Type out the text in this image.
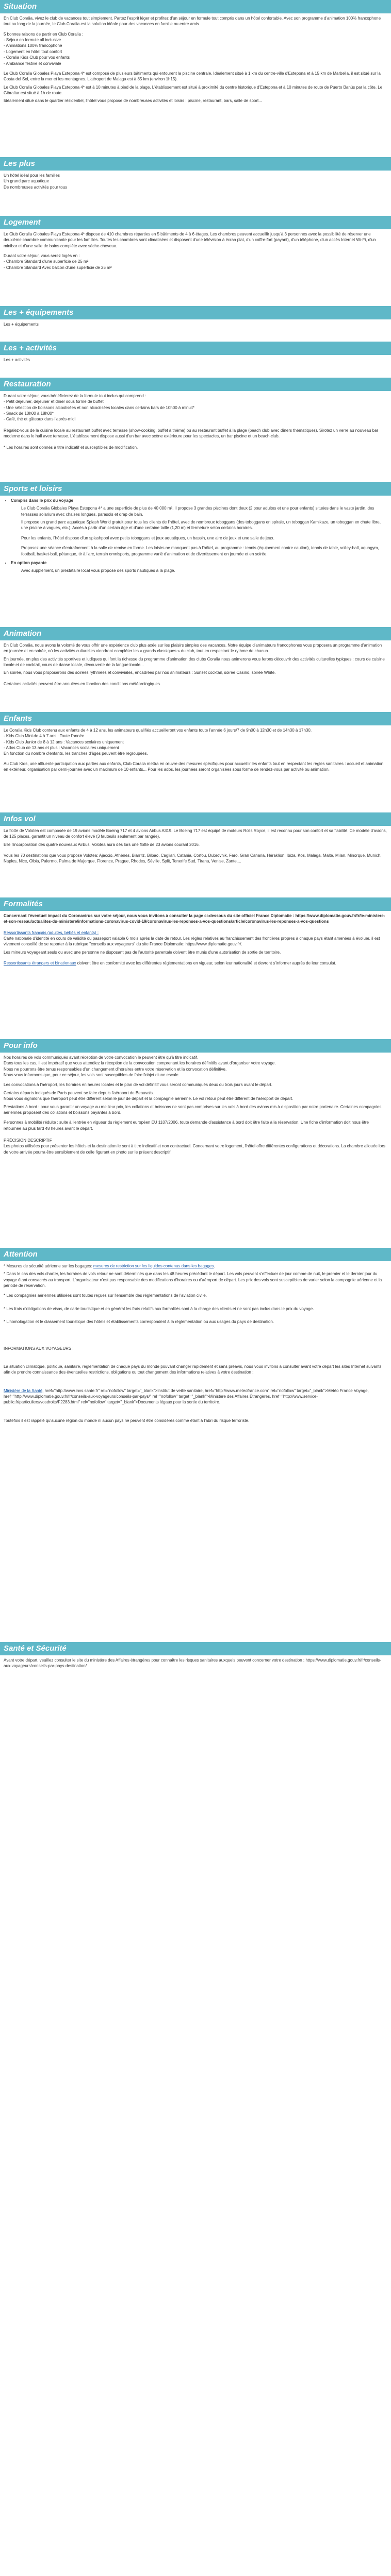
Situation

En Club Coralia, vivez le club de vacances tout simplement. Partez l'esprit léger et profitez d'un séjour en formule tout compris dans un hôtel confortable. Avec son programme d'animation 100% francophone tout au long de la journée, le Club Coralia est la solution idéale pour des vacances en famille ou entre amis.

5 bonnes raisons de partir en Club Coralia :

- Séjour en formule all inclusive
- Animations 100% francophone
- Logement en hôtel tout confort
- Coralia Kids Club pour vos enfants
- Ambiance festive et conviviale

Le Club Coralia Globales Playa Estepona 4* est composé de plusieurs bâtiments qui entourent la piscine centrale. Idéalement situé à 1 km du centre-ville d'Estepona et à 15 km de Marbella, il est situé sur la Costa del Sol, entre la mer et les montagnes. L'aéroport de Malaga est à 85 km (environ 1h15).

Le Club Coralia Globales Playa Estepona 4* est à 10 minutes à pied de la plage. L'établissement est situé à proximité du centre historique d'Estepona et à 10 minutes de route de Puerto Banús par la côte. Le Gibraltar est situé à 1h de route.

Idéalement situé dans le quartier résidentiel, l'hôtel vous propose de nombreuses activités et loisirs : piscine, restaurant, bars, salle de sport...

Les plus
Un hôtel idéal pour les familles
Un grand parc aquatique
De nombreuses activités pour tous
Logement

Le Club Coralia Globales Playa Estepona 4* dispose de 410 chambres réparties en 5 bâtiments de 4 à 6 étages. Les chambres peuvent accueillir jusqu'à 3 personnes avec la possibilité de réserver une deuxième chambre communicante pour les familles. Toutes les chambres sont climatisées et disposent d'une télévision à écran plat, d'un coffre-fort (payant), d'un téléphone, d'un accès Internet Wi-Fi, d'un minibar et d'une salle de bains complète avec sèche-cheveux.

Durant votre séjour, vous serez logés en :

- Chambre Standard d'une superficie de 25 m²
- Chambre Standard Avec balcon d'une superficie de 25 m²
Les + équipements

Les + équipements

Les + activités

Les + activités

Restauration

Durant votre séjour, vous bénéficierez de la formule tout inclus qui comprend :

- Petit déjeuner, déjeuner et dîner sous forme de buffet
- Une sélection de boissons alcoolisées et non alcoolisées locales dans certains bars de 10h00 à minuit*
- Snack de 10h00 à 18h00*
- Café, thé et gâteaux dans l'après-midi

Régalez-vous de la cuisine locale au restaurant buffet avec terrasse (show-cooking, buffet à thème) ou au restaurant buffet à la plage (beach club avec dîners thématiques). Sirotez un verre au nouveau bar moderne dans le hall avec terrasse. L'établissement dispose aussi d'un bar avec scène extérieure pour les spectacles, un bar piscine et un beach-club.

* Les horaires sont donnés à titre indicatif et susceptibles de modification.

Sports et loisirs
• Compris dans le prix du voyage

Le Club Coralia Globales Playa Estepona 4* a une superficie de plus de 40 000 m². Il propose 3 grandes piscines dont deux (2 pour adultes et une pour enfants) situées dans le vaste jardin, des terrasses solarium avec chaises longues, parasols et drap de bain.

Il propose un grand parc aquatique Splash World gratuit pour tous les clients de l'hôtel, avec de nombreux toboggans (des toboggans en spirale, un toboggan Kamikaze, un toboggan en chute libre, une piscine à vagues, etc.). Accès à partir d'un certain âge et d'une certaine taille (1,20 m) et fermeture selon certains horaires.

Pour les enfants, l'hôtel dispose d'un splashpool avec petits toboggans et jeux aquatiques, un bassin, une aire de jeux et une salle de jeux.

Proposez une séance d'entraînement à la salle de remise en forme. Les loisirs ne manquent pas à l'hôtel, au programme : tennis (équipement contre caution), tennis de table, volley-ball, aquagym, football, basket-ball, pétanque, tir à l'arc, terrain omnisports, programme varié d'animation et de divertissement en journée et en soirée.

• En option payante

Avec supplément, un prestataire local vous propose des sports nautiques à la plage.

Animation

En Club Coralia, nous avons la volonté de vous offrir une expérience club plus axée sur les plaisirs simples des vacances. Notre équipe d'animateurs francophones vous proposera un programme d'animation en journée et en soirée, où les activités culturelles viendront compléter les « grands classiques » du club, tout en respectant le rythme de chacun.

En journée, en plus des activités sportives et ludiques qui font la richesse du programme d'animation des clubs Coralia nous animerons vous ferons découvrir des activités culturelles typiques : cours de cuisine locale et de cocktail, cours de danse locale, découverte de la langue locale...

En soirée, nous vous proposerons des soirées rythmées et conviviales, encadrées par nos animateurs : Sunset cocktail, soirée Casino, soirée White.

Certaines activités peuvent être annulées en fonction des conditions météorologiques.

Enfants

Le Coralia Kids Club contenu aux enfants de 4 à 12 ans, les animateurs qualifiés accueilleront vos enfants toute l'année 6 jours/7 de 9h00 à 12h30 et de 14h30 à 17h30.

- Kids Club Mini de 4 à 7 ans : Toute l'année
- Kids Club Junior de 8 à 12 ans : Vacances scolaires uniquement
- Ados Club de 13 ans et plus : Vacances scolaires uniquement

En fonction du nombre d'enfants, les tranches d'âges peuvent être regroupées.

Au Club Kids, une affluente participation aux parties aux enfants, Club Coralia mettra en œuvre des mesures spécifiques pour accueillir les enfants tout en respectant les règles sanitaires : accueil et animation en extérieur, organisation par demi-journée avec un maximum de 10 enfants... Pour les ados, les journées seront organisées sous forme de rendez-vous par activité ou animation.

Infos vol

La flotte de Volotea est composée de 19 avions modèle Boeing 717 et 4 avions Airbus A319. Le Boeing 717 est équipé de moteurs Rolls Royce, il est reconnu pour son confort et sa fiabilité. Ce modèle d'avions, de 125 places, garantit un niveau de confort élevé (3 fauteuils seulement par rangée).

Elle l'incorporation des quatre nouveaux Airbus, Volotea aura dès lors une flotte de 23 avions courant 2016.

Vous les 70 destinations que vous propose Volotea: Ajaccio, Athènes, Biarritz, Bilbao, Cagliari, Catania, Corfou, Dubrovnik, Faro, Gran Canaria, Héraklion, Ibiza, Kos, Malaga, Malte, Milan, Minorque, Munich, Naples, Nice, Olbia, Palermo, Palma de Majorque, Florence, Prague, Rhodes, Séville, Split, Tenerife Sud, Tirana, Venise, Zante,...

Formalités

Concernant l'éventuel impact du Coronavirus sur votre séjour, nous vous invitons à consulter la page ci-dessous du site officiel France Diplomatie : https://www.diplomatie.gouv.fr/fr/le-ministere-et-son-reseau/actualites-du-ministere/informations-coronavirus-covid-19/coronavirus-les-reponses-a-vos-questions/article/coronavirus-les-reponses-a-vos-questions

Ressortissants français (adultes, bébés et enfants) :

Carte nationale d'identité en cours de validité ou passeport valable 6 mois après la date de retour. Les règles relatives au franchissement des frontières propres à chaque pays étant amenées à évoluer, il est vivement conseillé de se reporter à la rubrique "conseils aux voyageurs" du site France Diplomatie: https://www.diplomatie.gouv.fr/.

Les mineurs voyageant seuls ou avec une personne ne disposant pas de l'autorité parentale doivent être munis d'une autorisation de sortie de territoire.

Ressortissants étrangers et binationaux doivent être en conformité avec les différentes réglementations en vigueur, selon leur nationalité et devront s'informer auprès de leur consulat.

Pour info

Nos horaires de vols communiqués avant réception de votre convocation le peuvent être qu'à titre indicatif.

Dans tous les cas, il est impératif que vous attendiez la réception de la convocation comprenant les horaires définitifs avant d'organiser votre voyage.

Nous ne pourrons être tenus responsables d'un changement d'horaires entre votre réservation et la convocation définitive.

Nous vous informons que, pour ce séjour, les vols sont susceptibles de faire l'objet d'une escale.

Les convocations à l'aéroport, les horaires en heures locales et le plan de vol définitif vous seront communiqués deux ou trois jours avant le départ.

Certains départs indiqués de Paris peuvent se faire depuis l'aéroport de Beauvais.

Nous vous signalons que l'aéroport peut être différent selon le jour de départ et la compagnie aérienne. Le vol retour peut être différent de l'aéroport de départ.

Prestations à bord : pour vous garantir un voyage au meilleur prix, les collations et boissons ne sont pas comprises sur les vols à bord des avions mis à disposition par notre partenaire. Certaines compagnies aériennes proposent des collations et boissons payantes à bord.

Personnes à mobilité réduite : suite à l'entrée en vigueur du règlement européen EU 1107/2006, toute demande d'assistance à bord doit être faite à la réservation. Une fiche d'information doit nous être retournée au plus tard 48 heures avant le départ.

PRÉCISION DESCRIPTIF

Les photos utilisées pour présenter les hôtels et la destination le sont à titre indicatif et non contractuel. Concernant votre logement, l'hôtel offre différentes configurations et décorations. La chambre allouée lors de votre arrivée pourra être sensiblement de celle figurant en photo sur le présent descriptif.

Attention

* Mesures de sécurité aérienne sur les bagages: mesures de restriction sur les liquides contenus dans les bagages.

* Dans le cas des vols charter, les horaires de vols retour ne sont déterminés que dans les 48 heures précédant le départ. Les vols peuvent s'effectuer de jour comme de nuit, le premier et le dernier jour du voyage étant consacrés au transport. L'organisateur n'est pas responsable des modifications d'horaires ou d'aéroport de départ. Les prix des vols sont susceptibles de varier selon la compagnie aérienne et la période de réservation.

* Les compagnies aériennes utilisées sont toutes reçues sur l'ensemble des réglementations de l'aviation civile.

* Les frais d'obligations de visas, de carte touristique et en général les frais relatifs aux formalités sont à la charge des clients et ne sont pas inclus dans le prix du voyage.

* L'homologation et le classement touristique des hôtels et établissements correspondent à la réglementation ou aux usages du pays de destination.

INFORMATIONS AUX VOYAGEURS :

La situation climatique, politique, sanitaire, réglementation de chaque pays du monde pouvant changer rapidement et sans préavis, nous vous invitons à consulter avant votre départ les sites Internet suivants afin de prendre connaissance des éventuelles restrictions, obligations ou tout changement des informations relatives à votre destination :

Ministère de la Santé, href="http://www.invs.sante.fr" rel="nofollow" target="_blank">Institut de veille sanitaire, href="http://www.meteofrance.com" rel="nofollow" target="_blank">Météo France Voyage, href="http://www.diplomatie.gouv.fr/fr/conseils-aux-voyageurs/conseils-par-pays/" rel="nofollow" target="_blank">Ministère des Affaires Étrangères, href="http://www.service-public.fr/particuliers/vosdroits/F2283.html" rel="nofollow" target="_blank">Documents légaux pour la sortie du territoire.

Toutefois il est rappelé qu'aucune région du monde ni aucun pays ne peuvent être considérés comme étant à l'abri du risque terroriste.

Santé et Sécurité

Avant votre départ, veuillez consulter le site du ministère des Affaires étrangères pour connaître les risques sanitaires auxquels peuvent concerner votre destination : https://www.diplomatie.gouv.fr/fr/conseils-aux-voyageurs/conseils-par-pays-destination/
